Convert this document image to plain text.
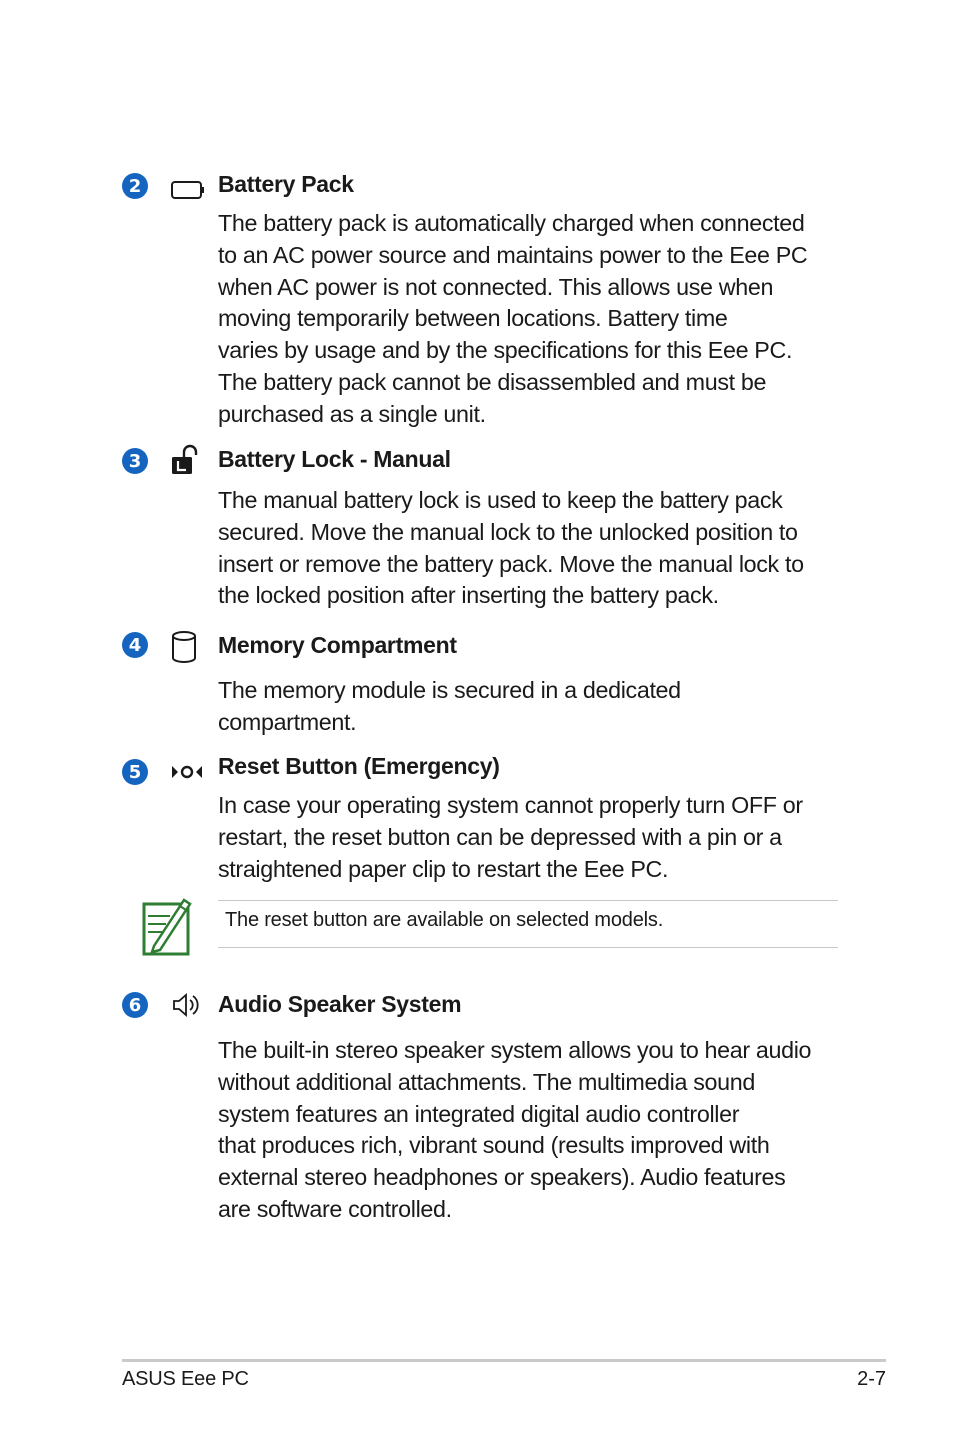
2	Battery Pack
The battery pack is automatically charged when connected
to an AC power source and maintains power to the Eee PC
when AC power is not connected. This allows use when
moving temporarily between locations. Battery time
varies by usage and by the specifications for this Eee PC.
The battery pack cannot be disassembled and must be
purchased as a single unit.
3	Battery Lock - Manual
The manual battery lock is used to keep the battery pack
secured. Move the manual lock to the unlocked position to
insert or remove the battery pack. Move the manual lock to
the locked position after inserting the battery pack.
4	Memory Compartment
The memory module is secured in a dedicated
compartment.
5	Reset Button (Emergency)
In case your operating system cannot properly turn OFF or
restart, the reset button can be depressed with a pin or a
straightened paper clip to restart the Eee PC.
The reset button are available on selected models.
6	Audio Speaker System
The built-in stereo speaker system allows you to hear audio
without additional attachments. The multimedia sound
system features an integrated digital audio controller
that produces rich, vibrant sound (results improved with
external stereo headphones or speakers). Audio features
are software controlled.
ASUS Eee PC	2-7
